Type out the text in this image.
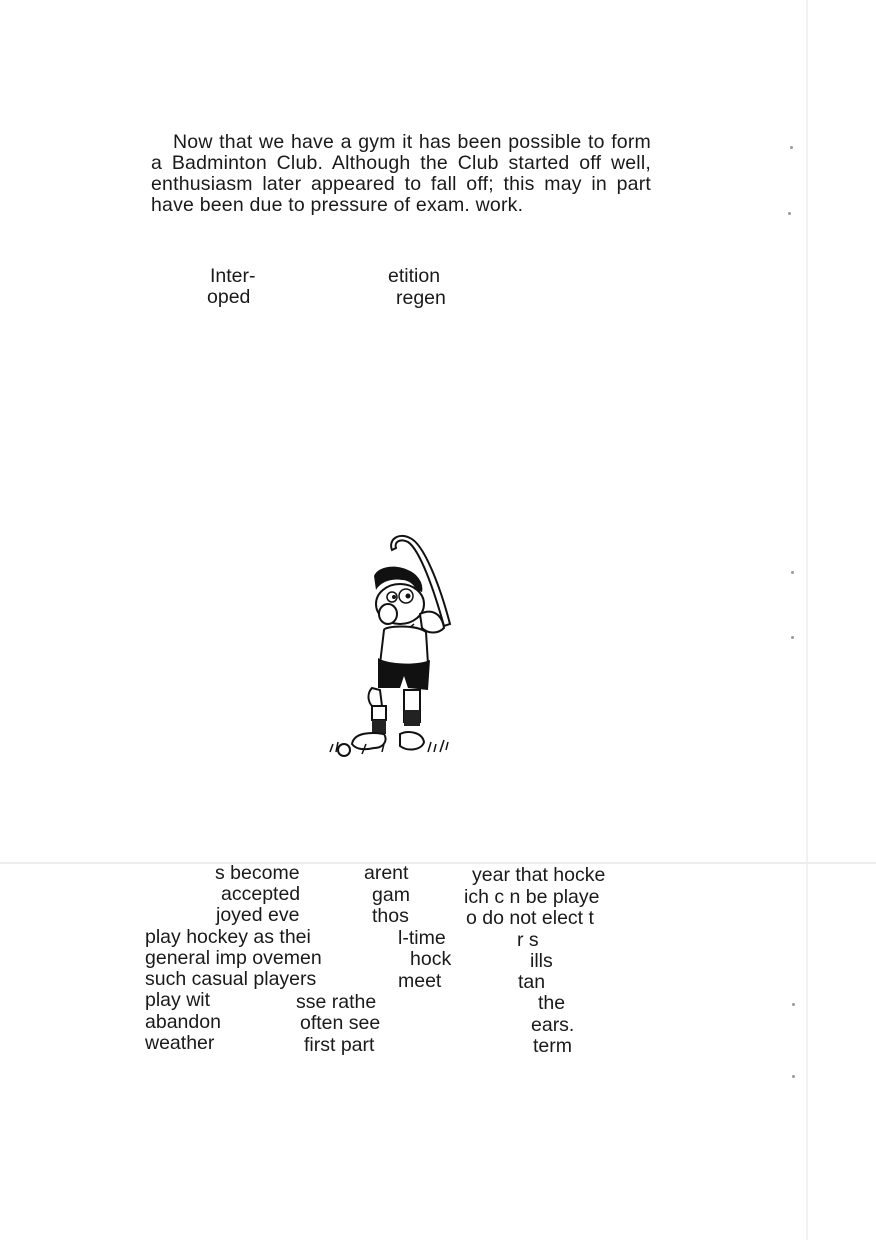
Now that we have a gym it has been possible to form a Badminton Club. Although the Club started off well, enthusiasm later appeared to fall off; this may in part have been due to pressure of exam. work.

Inter-	etition
oped	regen
s become	arent	year that hocke
accepted	gam	ich c n be playe
joyed eve	thos	o do not elect t
play hockey as thei	l-time	r s
general imp ovemen	hock	ills
such casual players	meet	tan
play wit	sse rathe	the
abandon	often see	ears.
weather	first part	term
